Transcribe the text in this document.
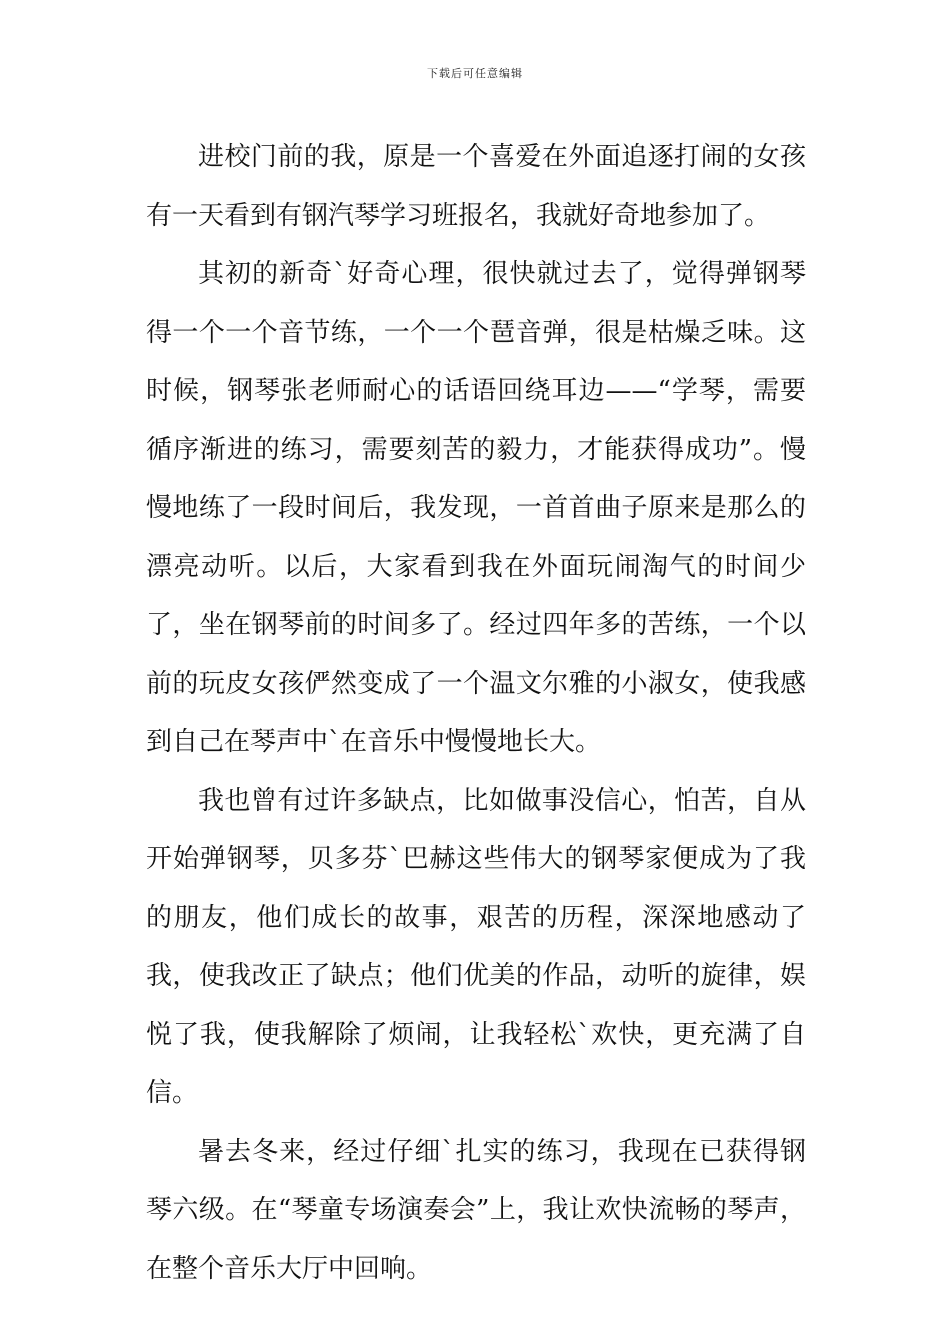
下载后可任意编辑

进校门前的我，原是一个喜爱在外面追逐打闹的女孩有一天看到有钢汽琴学习班报名，我就好奇地参加了。

其初的新奇`好奇心理，很快就过去了，觉得弹钢琴得一个一个音节练，一个一个琶音弹，很是枯燥乏味。这时候，钢琴张老师耐心的话语回绕耳边——“学琴，需要循序渐进的练习，需要刻苦的毅力，才能获得成功”。慢慢地练了一段时间后，我发现，一首首曲子原来是那么的漂亮动听。以后，大家看到我在外面玩闹淘气的时间少了，坐在钢琴前的时间多了。经过四年多的苦练，一个以前的玩皮女孩俨然变成了一个温文尔雅的小淑女，使我感到自己在琴声中`在音乐中慢慢地长大。

我也曾有过许多缺点，比如做事没信心，怕苦，自从开始弹钢琴，贝多芬`巴赫这些伟大的钢琴家便成为了我的朋友，他们成长的故事，艰苦的历程，深深地感动了我，使我改正了缺点；他们优美的作品，动听的旋律，娱悦了我，使我解除了烦闹，让我轻松`欢快，更充满了自信。

暑去冬来，经过仔细`扎实的练习，我现在已获得钢琴六级。在“琴童专场演奏会”上，我让欢快流畅的琴声，在整个音乐大厅中回响。
